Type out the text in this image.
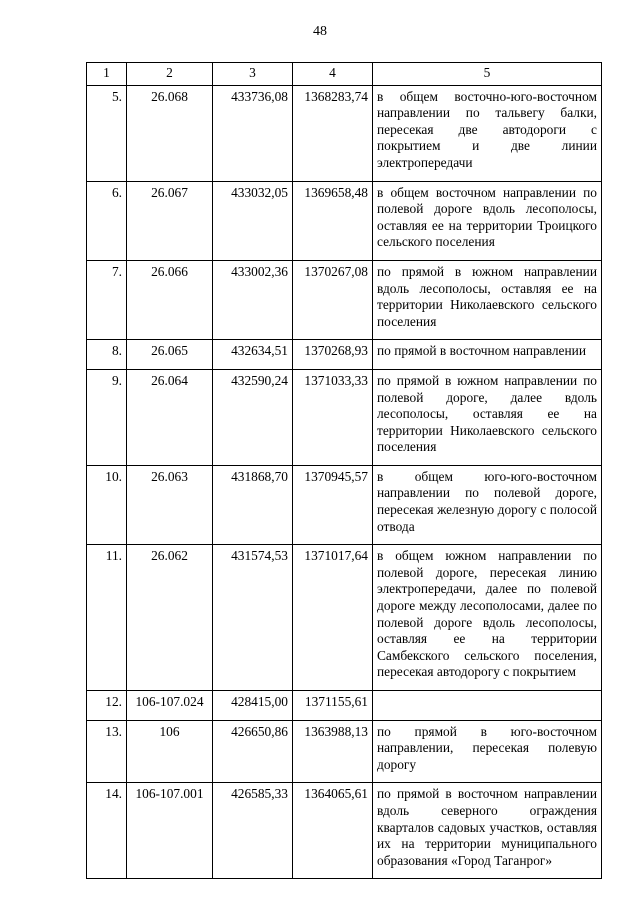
48
1	2	3	4	5
5.	26.068	433736,08	1368283,74	в общем восточно-юго-восточном направлении по тальвегу балки, пересекая две автодороги с покрытием и две линии электропередачи
6.	26.067	433032,05	1369658,48	в общем восточном направлении по полевой дороге вдоль лесополосы, оставляя ее на территории Троицкого сельского поселения
7.	26.066	433002,36	1370267,08	по прямой в южном направлении вдоль лесополосы, оставляя ее на территории Николаевского сельского поселения
8.	26.065	432634,51	1370268,93	по прямой в восточном направлении
9.	26.064	432590,24	1371033,33	по прямой в южном направлении по полевой дороге, далее вдоль лесополосы, оставляя ее на территории Николаевского сельского поселения
10.	26.063	431868,70	1370945,57	в общем юго-юго-восточном направлении по полевой дороге, пересекая железную дорогу с полосой отвода
11.	26.062	431574,53	1371017,64	в общем южном направлении по полевой дороге, пересекая линию электропередачи, далее по полевой дороге между лесополосами, далее по полевой дороге вдоль лесополосы, оставляя ее на территории Самбекского сельского поселения, пересекая автодорогу с покрытием
12.	106-107.024	428415,00	1371155,61	
13.	106	426650,86	1363988,13	по прямой в юго-восточном направлении, пересекая полевую дорогу
14.	106-107.001	426585,33	1364065,61	по прямой в восточном направлении вдоль северного ограждения кварталов садовых участков, оставляя их на территории муниципального образования «Город Таганрог»
